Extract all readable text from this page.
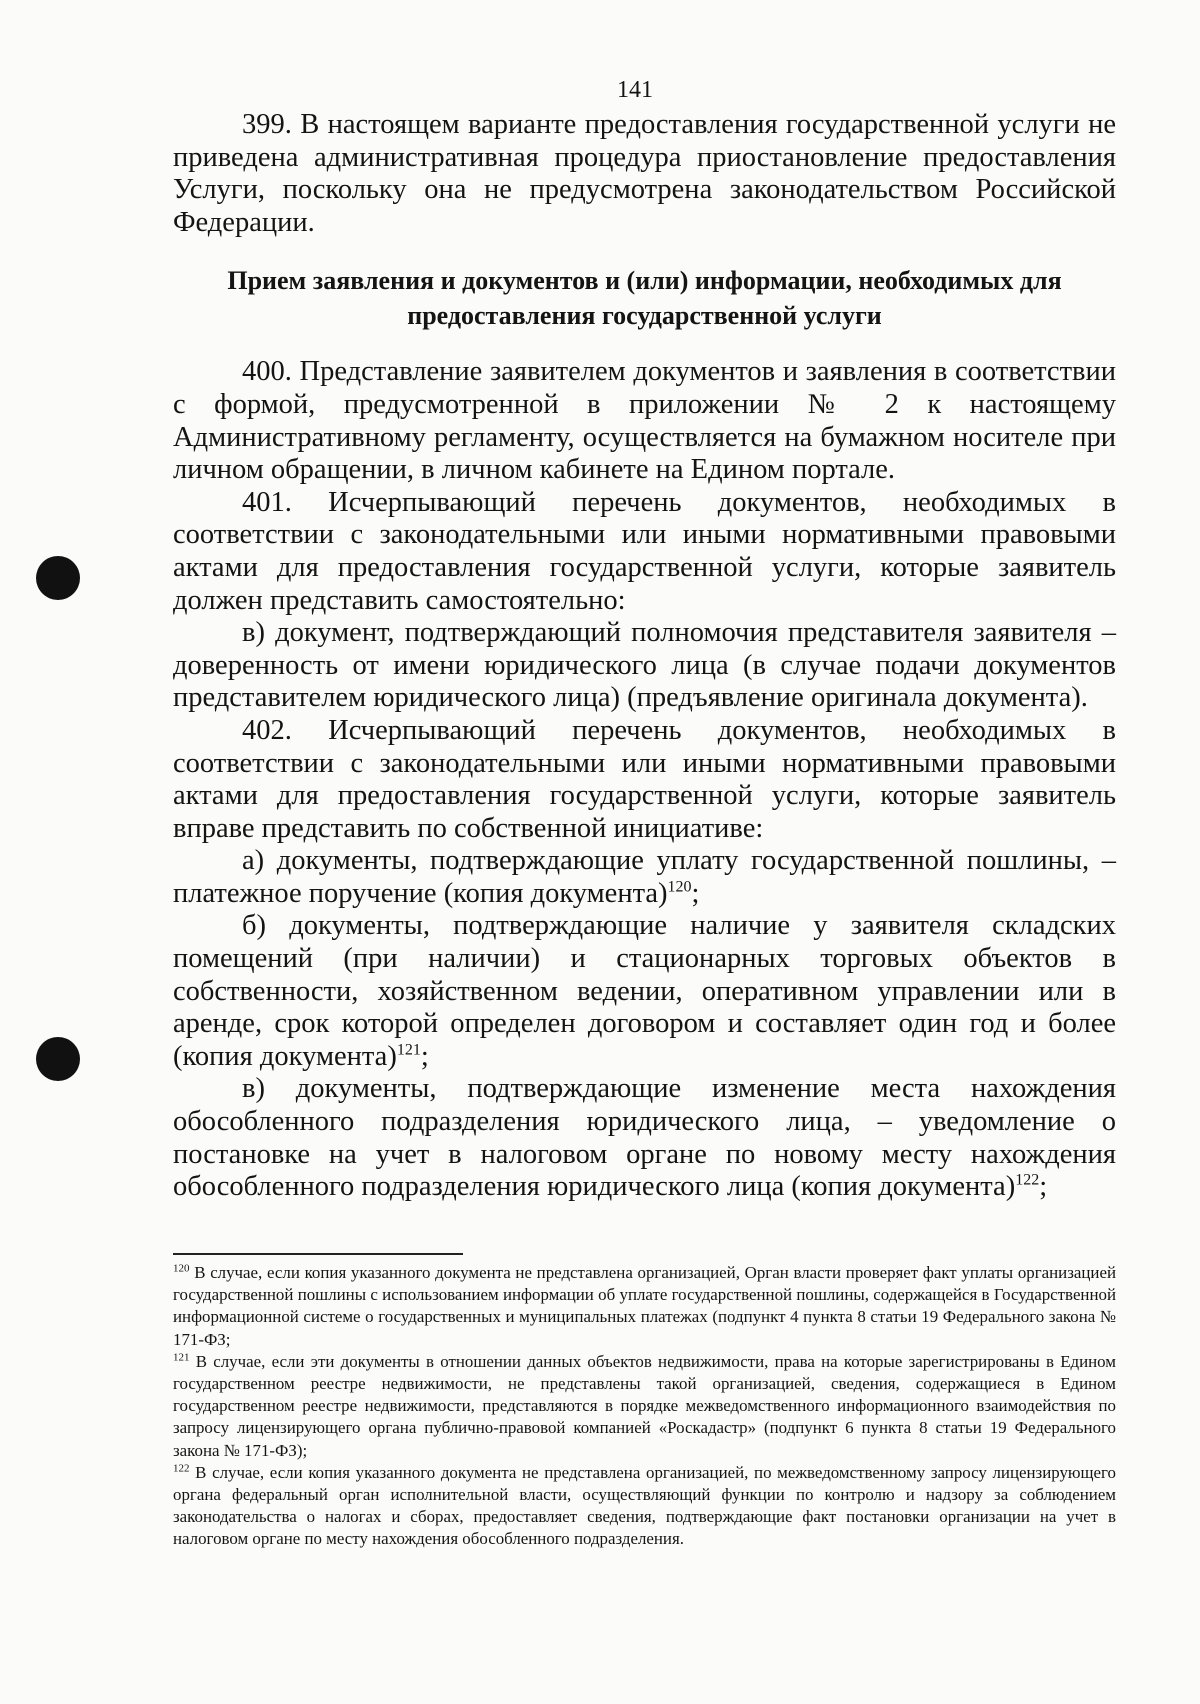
141

399. В настоящем варианте предоставления государственной услуги не приведена административная процедура приостановление предоставления Услуги, поскольку она не предусмотрена законодательством Российской Федерации.

Прием заявления и документов и (или) информации, необходимых для предоставления государственной услуги

400. Представление заявителем документов и заявления в соответствии с формой, предусмотренной в приложении № 2 к настоящему Административному регламенту, осуществляется на бумажном носителе при личном обращении, в личном кабинете на Едином портале.

401. Исчерпывающий перечень документов, необходимых в соответствии с законодательными или иными нормативными правовыми актами для предоставления государственной услуги, которые заявитель должен представить самостоятельно:

в) документ, подтверждающий полномочия представителя заявителя – доверенность от имени юридического лица (в случае подачи документов представителем юридического лица) (предъявление оригинала документа).

402. Исчерпывающий перечень документов, необходимых в соответствии с законодательными или иными нормативными правовыми актами для предоставления государственной услуги, которые заявитель вправе представить по собственной инициативе:

а) документы, подтверждающие уплату государственной пошлины, – платежное поручение (копия документа)$^{120}$;

б) документы, подтверждающие наличие у заявителя складских помещений (при наличии) и стационарных торговых объектов в собственности, хозяйственном ведении, оперативном управлении или в аренде, срок которой определен договором и составляет один год и более (копия документа)$^{121}$;

в) документы, подтверждающие изменение места нахождения обособленного подразделения юридического лица, – уведомление о постановке на учет в налоговом органе по новому месту нахождения обособленного подразделения юридического лица (копия документа)$^{122}$;

$^{120}$ В случае, если копия указанного документа не представлена организацией, Орган власти проверяет факт уплаты организацией государственной пошлины с использованием информации об уплате государственной пошлины, содержащейся в Государственной информационной системе о государственных и муниципальных платежах (подпункт 4 пункта 8 статьи 19 Федерального закона № 171-ФЗ;

$^{121}$ В случае, если эти документы в отношении данных объектов недвижимости, права на которые зарегистрированы в Едином государственном реестре недвижимости, не представлены такой организацией, сведения, содержащиеся в Едином государственном реестре недвижимости, представляются в порядке межведомственного информационного взаимодействия по запросу лицензирующего органа публично-правовой компанией «Роскадастр» (подпункт 6 пункта 8 статьи 19 Федерального закона № 171-ФЗ);

$^{122}$ В случае, если копия указанного документа не представлена организацией, по межведомственному запросу лицензирующего органа федеральный орган исполнительной власти, осуществляющий функции по контролю и надзору за соблюдением законодательства о налогах и сборах, предоставляет сведения, подтверждающие факт постановки организации на учет в налоговом органе по месту нахождения обособленного подразделения.
